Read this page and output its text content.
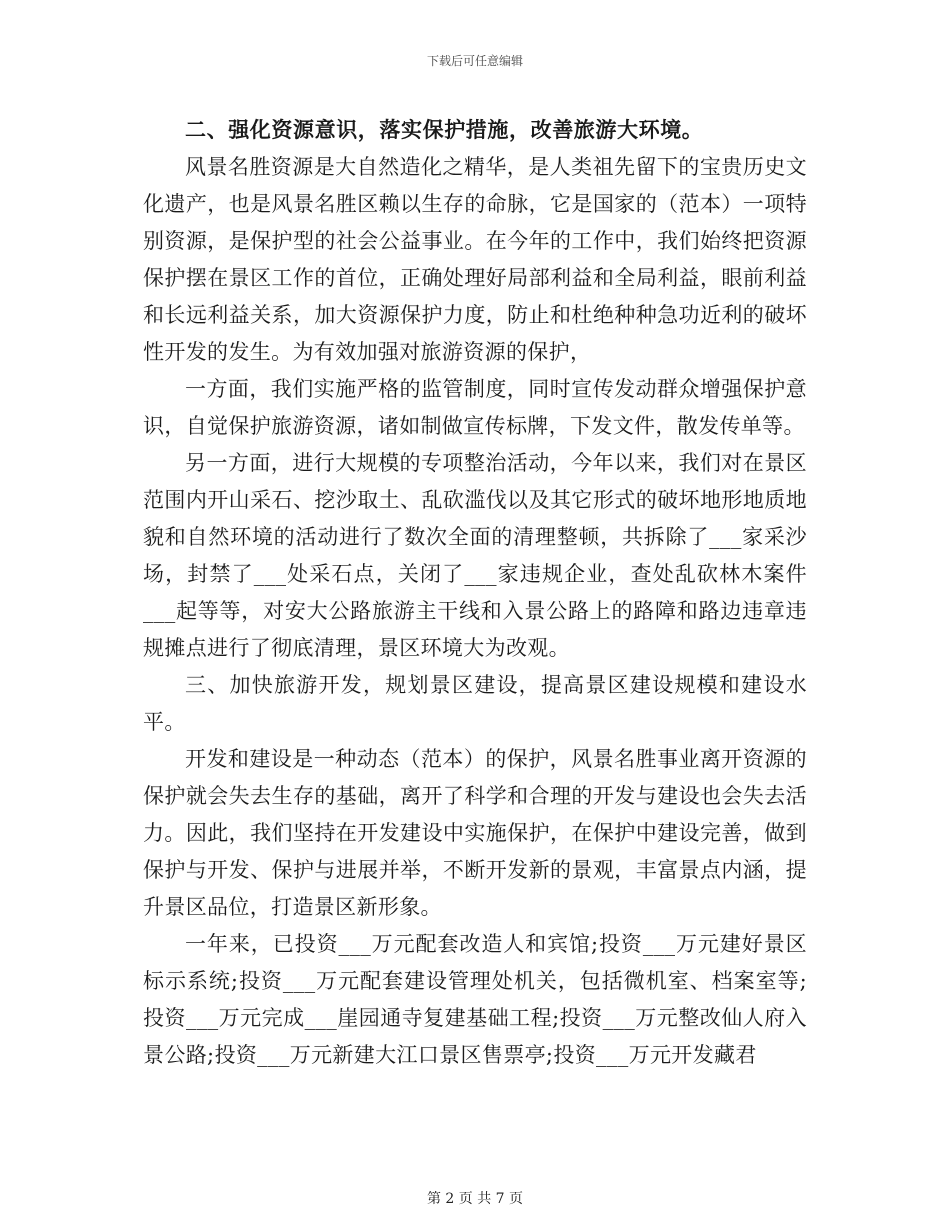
下载后可任意编辑

二、强化资源意识，落实保护措施，改善旅游大环境。

风景名胜资源是大自然造化之精华，是人类祖先留下的宝贵历史文化遗产，也是风景名胜区赖以生存的命脉，它是国家的（范本）一项特别资源，是保护型的社会公益事业。在今年的工作中，我们始终把资源保护摆在景区工作的首位，正确处理好局部利益和全局利益，眼前利益和长远利益关系，加大资源保护力度，防止和杜绝种种急功近利的破坏性开发的发生。为有效加强对旅游资源的保护，

一方面，我们实施严格的监管制度，同时宣传发动群众增强保护意识，自觉保护旅游资源，诸如制做宣传标牌，下发文件，散发传单等。

另一方面，进行大规模的专项整治活动，今年以来，我们对在景区范围内开山采石、挖沙取土、乱砍滥伐以及其它形式的破坏地形地质地貌和自然环境的活动进行了数次全面的清理整顿，共拆除了___家采沙场，封禁了___处采石点，关闭了___家违规企业，查处乱砍林木案件___起等等，对安大公路旅游主干线和入景公路上的路障和路边违章违规摊点进行了彻底清理，景区环境大为改观。

三、加快旅游开发，规划景区建设，提高景区建设规模和建设水平。

开发和建设是一种动态（范本）的保护，风景名胜事业离开资源的保护就会失去生存的基础，离开了科学和合理的开发与建设也会失去活力。因此，我们坚持在开发建设中实施保护，在保护中建设完善，做到保护与开发、保护与进展并举，不断开发新的景观，丰富景点内涵，提升景区品位，打造景区新形象。

一年来，已投资___万元配套改造人和宾馆;投资___万元建好景区标示系统;投资___万元配套建设管理处机关，包括微机室、档案室等;投资___万元完成___崖园通寺复建基础工程;投资___万元整改仙人府入景公路;投资___万元新建大江口景区售票亭;投资___万元开发藏君

第 2 页 共 7 页
